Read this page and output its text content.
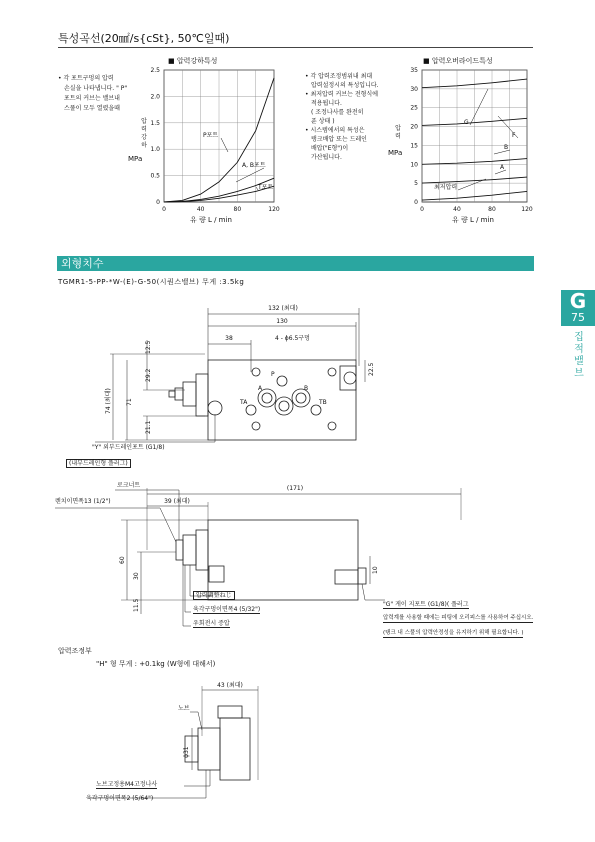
특성곡선(20㎟/s{cSt}, 50℃일때)
■ 압력강하특성

• 각 포트구멍의 압력

손실을 나타냅니다. " P"

포트의 커브는 밸브내

스풀이 모두 열렸을때

■ 압력오버라이드특성

• 각 압력조정범위내 최대

압력설정시의 특성입니다.

• 최저압력 커브는 전형식에

적용됩니다.

( 조정나사를 완전히

푼 상태 )

• 시스템에서의 특성은

탱크배압 또는 드레인

배압("E형")이

가산됩니다.

압
력
강
하
MPa
유 량 L / min
압
력
MPa
유 량 L / min
0
0.5
1.0
1.5
2.0
2.5
0	40	80	120
P포트
A, B포트
T포트
0
5
10
15
20
25
30
35
0	40	80	120
G
F
B
A
최저압력
외형치수
TGMR1-5-PP-*W-(E)-G-50(시퀀스밸브) 무게 :3.5kg
G
75
집적밸브
132 (최대)
130
38	4 - ϕ6.5구멍
12.5
29.2
74 (최대) 71
21.1
22.5
P
A	B
TA	TB
"Y" 외부드레인포트 (G1/8)
(내부드레인형 플러그)
(171)
39 (최대)
60
30
11.5
10
로크너트
렌치이면폭13 (1/2")
압력調整ねじ
육각구멍이면폭4 (5/32")
우회전시 증압
"G" 게이 지포트 (G1/8)( 플러그
압력계를 사용할 때에는 피팅에 오리피스를 사용하여 주십시오.
(탱크 내 스풀의 압력안정성을 유지하기 위해 필요합니다. )
압력조정부
"H" 형 무게 : +0.1kg (W형에 대해서)
43 (최대)
ϕ31
노브
노브고정용M4고정나사
육각구멍이면폭2 (5/64")
